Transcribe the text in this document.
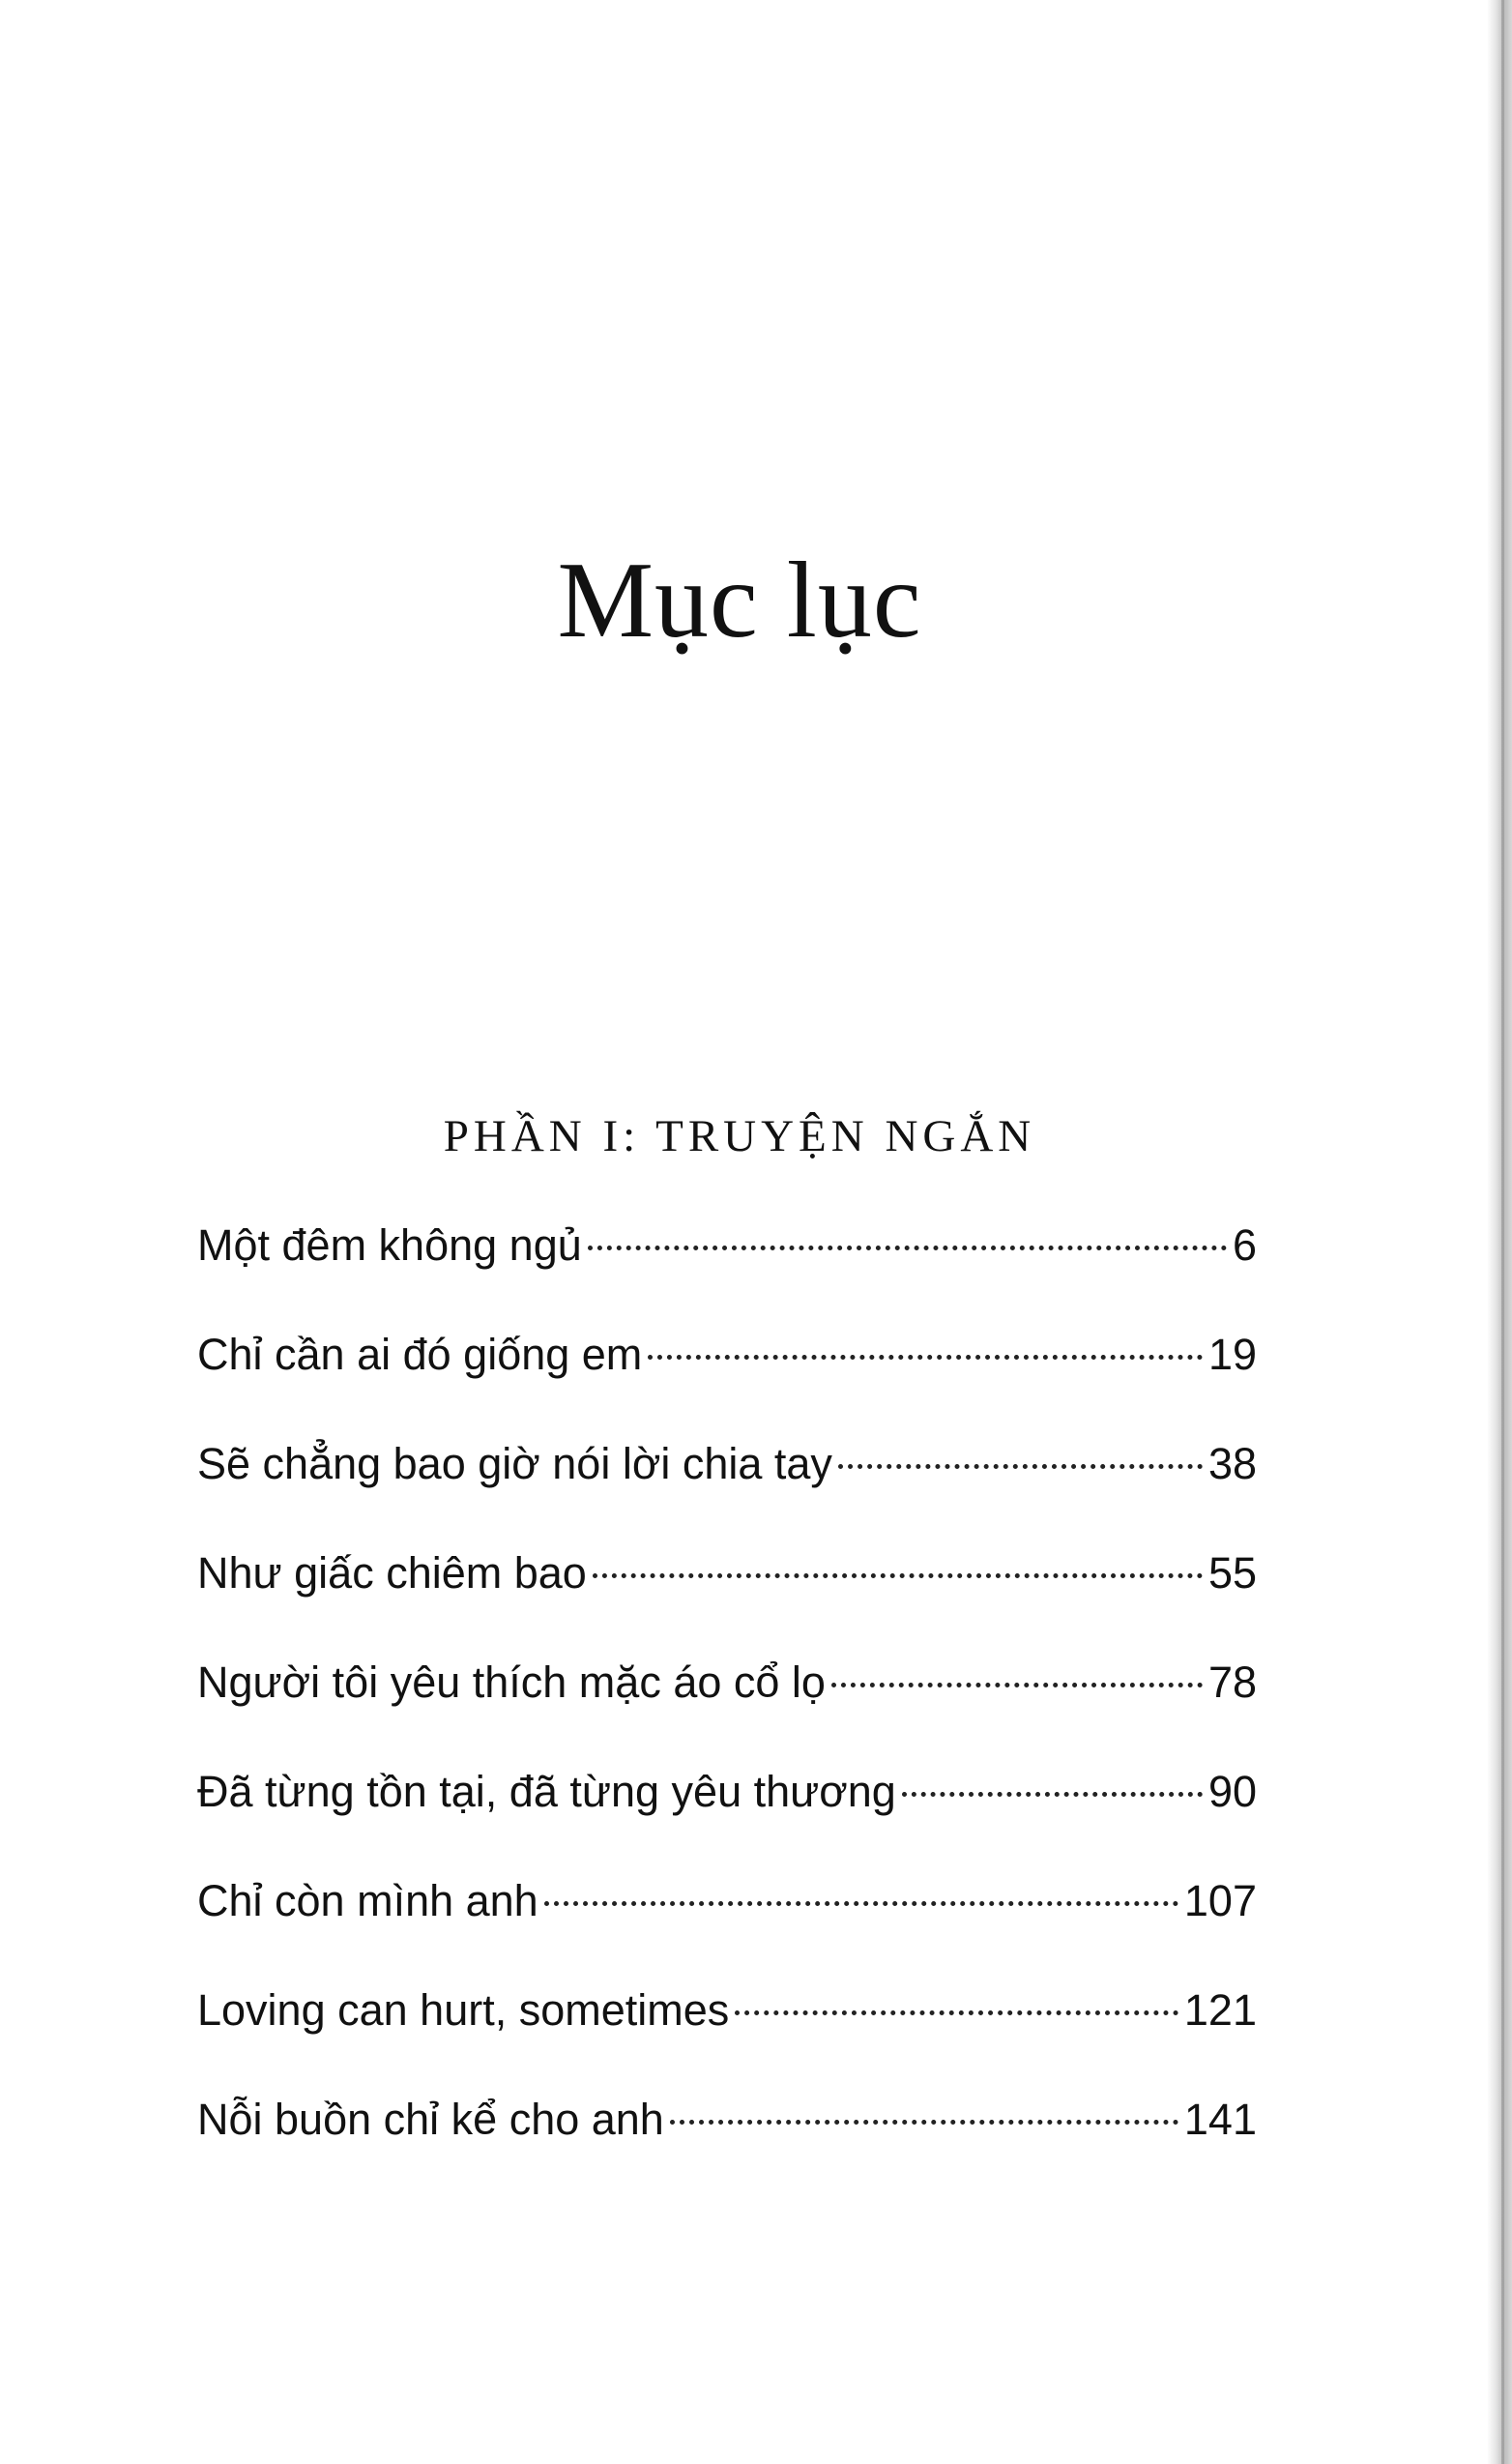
Mục lục
PHẦN I: TRUYỆN NGẮN
Một đêm không ngủ	6
Chỉ cần ai đó giống em	19
Sẽ chẳng bao giờ nói lời chia tay	38
Như giấc chiêm bao	55
Người tôi yêu thích mặc áo cổ lọ	78
Đã từng tồn tại, đã từng yêu thương	90
Chỉ còn mình anh	107
Loving can hurt, sometimes	121
Nỗi buồn chỉ kể cho anh	141
